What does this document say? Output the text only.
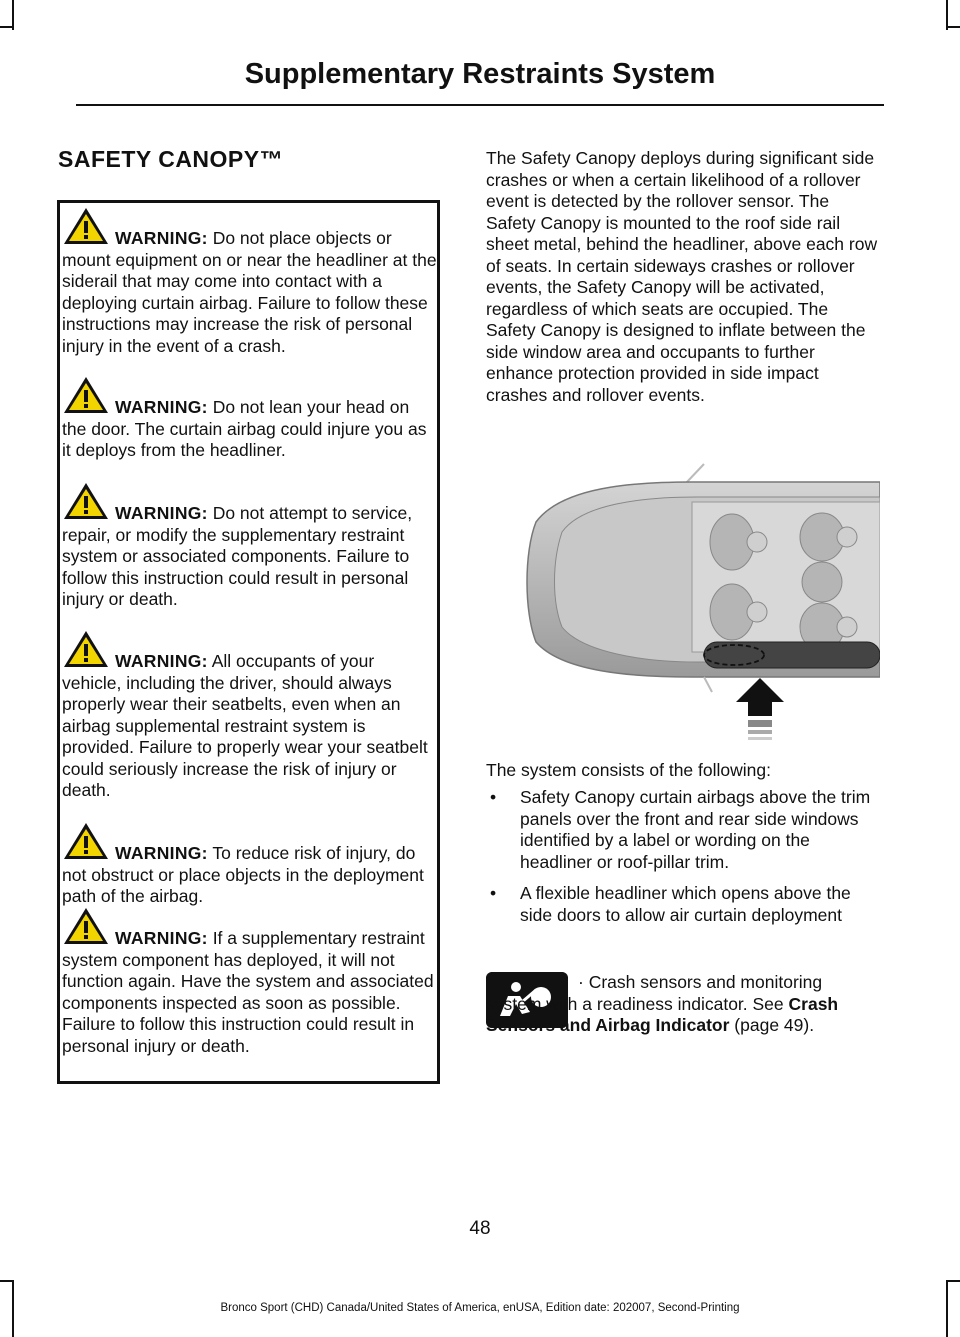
Supplementary Restraints System
SAFETY CANOPY™
WARNING: Do not place objects or mount equipment on or near the headliner at the siderail that may come into contact with a deploying curtain airbag. Failure to follow these instructions may increase the risk of personal injury in the event of a crash.
WARNING: Do not lean your head on the door. The curtain airbag could injure you as it deploys from the headliner.
WARNING: Do not attempt to service, repair, or modify the supplementary restraint system or associated components. Failure to follow this instruction could result in personal injury or death.
WARNING: All occupants of your vehicle, including the driver, should always properly wear their seatbelts, even when an airbag supplemental restraint system is provided. Failure to properly wear your seatbelt could seriously increase the risk of injury or death.
WARNING: To reduce risk of injury, do not obstruct or place objects in the deployment path of the airbag.
WARNING: If a supplementary restraint system component has deployed, it will not function again. Have the system and associated components inspected as soon as possible. Failure to follow this instruction could result in personal injury or death.
The Safety Canopy deploys during significant side crashes or when a certain likelihood of a rollover event is detected by the rollover sensor. The Safety Canopy is mounted to the roof side rail sheet metal, behind the headliner, above each row of seats. In certain sideways crashes or rollover events, the Safety Canopy will be activated, regardless of which seats are occupied. The Safety Canopy is designed to inflate between the side window area and occupants to further enhance protection provided in side impact crashes and rollover events.
The system consists of the following:
• Safety Canopy curtain airbags above the trim panels over the front and rear side windows identified by a label or wording on the headliner or roof-pillar trim.
• A flexible headliner which opens above the side doors to allow air curtain deployment
· Crash sensors and monitoring system with a readiness indicator. See Crash Sensors and Airbag Indicator (page 49).
48
Bronco Sport (CHD) Canada/United States of America, enUSA, Edition date: 202007, Second-Printing
